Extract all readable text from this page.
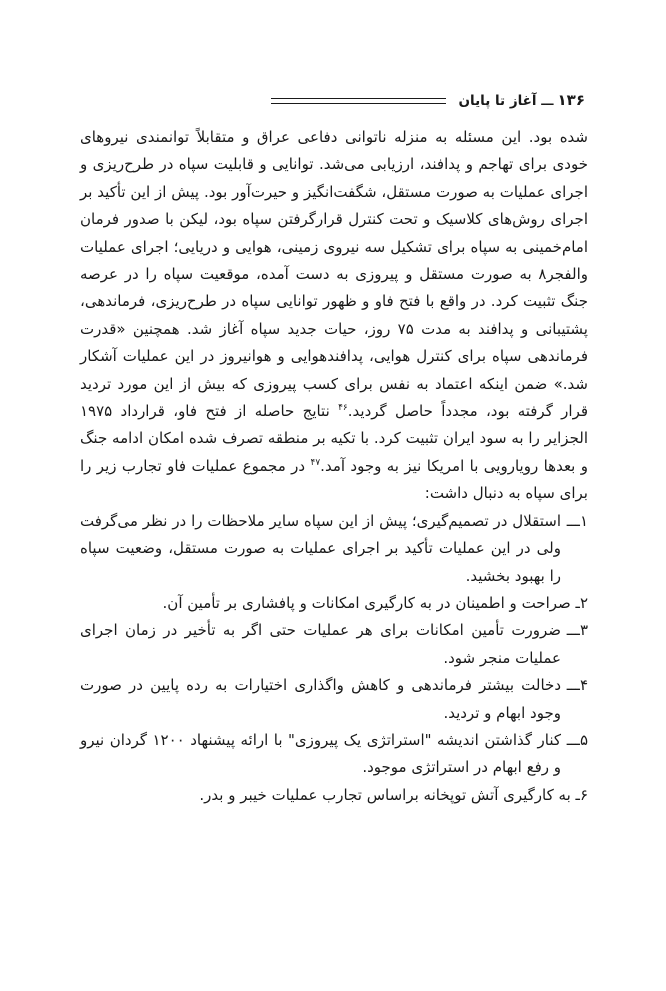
۱۳۶ـــ آغاز تا پایان

شده بود. این مسئله به منزله ناتوانی دفاعی عراق و متقابلاً توانمندی نیروهای خودی برای تهاجم و پدافند، ارزیابی می‌شد. توانایی و قابلیت سپاه در طرح‌ریزی و اجرای عملیات به صورت مستقل، شگفت‌انگیز و حیرت‌آور بود. پیش از این تأکید بر اجرای روش‌های کلاسیک و تحت کنترل قرارگرفتن سپاه بود، لیکن با صدور فرمان امام‌خمینی به سپاه برای تشکیل سه نیروی زمینی، هوایی و دریایی؛ اجرای عملیات والفجر۸ به صورت مستقل و پیروزی به دست آمده، موقعیت سپاه را در عرصه جنگ تثبیت کرد. در واقع با فتح فاو و ظهور توانایی سپاه در طرح‌ریزی، فرماندهی، پشتیبانی و پدافند به مدت ۷۵ روز، حیات جدید سپاه آغاز شد. همچنین «قدرت فرماندهی سپاه برای کنترل هوایی، پدافندهوایی و هوانیروز در این عملیات آشکار شد.» ضمن اینکه اعتماد به نفس برای کسب پیروزی که بیش از این مورد تردید قرار گرفته بود، مجدداً حاصل گردید.$^{۴۶}$ نتایج حاصله از فتح فاو، قرارداد ۱۹۷۵ الجزایر را به سود ایران تثبیت کرد. با تکیه بر منطقه تصرف شده امکان ادامه جنگ و بعدها رویارویی با امریکا نیز به وجود آمد.$^{۴۷}$ در مجموع عملیات فاو تجارب زیر را برای سپاه به دنبال داشت:

۱ـــ
استقلال در تصمیم‌گیری؛ پیش از این سپاه سایر ملاحظات را در نظر می‌گرفت ولی در این عملیات تأکید بر اجرای عملیات به صورت مستقل، وضعیت سپاه را بهبود بخشید.
۲ـ صراحت و اطمینان در به کارگیری امکانات و پافشاری بر تأمین آن.
۳ـــ
ضرورت تأمین امکانات برای هر عملیات حتی اگر به تأخیر در زمان اجرای عملیات منجر شود.
۴ـــ
دخالت بیشتر فرماندهی و کاهش واگذاری اختیارات به رده پایین در صورت وجود ابهام و تردید.
۵ـــ
کنار گذاشتن اندیشه "استراتژی یک پیروزی" با ارائه پیشنهاد ۱۲۰۰ گردان نیرو و رفع ابهام در استراتژی موجود.
۶ـ به کارگیری آتش توپخانه براساس تجارب عملیات خیبر و بدر.
